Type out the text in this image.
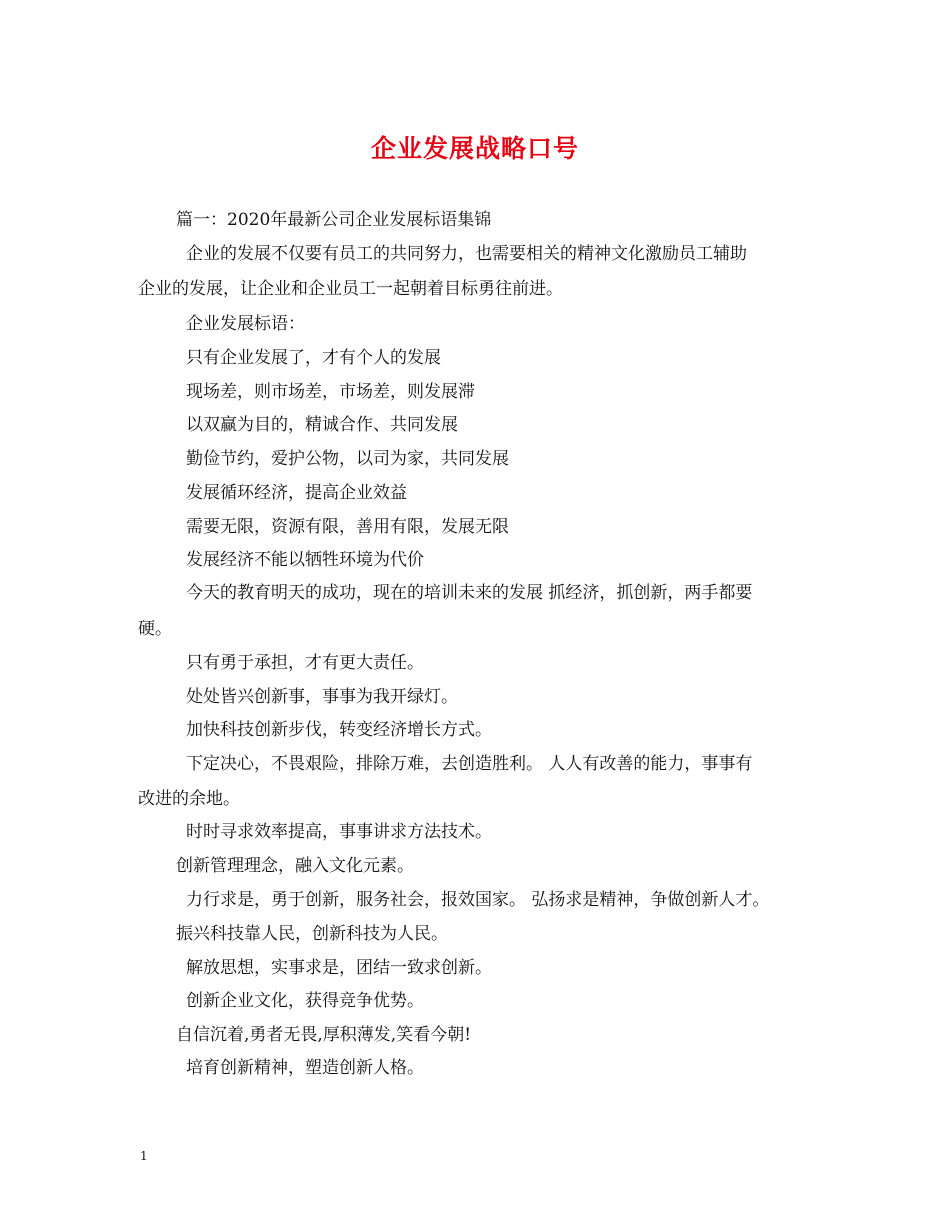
企业发展战略口号
篇一：2020年最新公司企业发展标语集锦
企业的发展不仅要有员工的共同努力，也需要相关的精神文化激励员工辅助
企业的发展，让企业和企业员工一起朝着目标勇往前进。
企业发展标语：
只有企业发展了，才有个人的发展
现场差，则市场差，市场差，则发展滞
以双赢为目的，精诚合作、共同发展
勤俭节约，爱护公物，以司为家，共同发展
发展循环经济，提高企业效益
需要无限，资源有限，善用有限，发展无限
发展经济不能以牺牲环境为代价
今天的教育明天的成功，现在的培训未来的发展 抓经济，抓创新，两手都要
硬。
只有勇于承担，才有更大责任。
处处皆兴创新事，事事为我开绿灯。
加快科技创新步伐，转变经济增长方式。
下定决心，不畏艰险，排除万难，去创造胜利。 人人有改善的能力，事事有
改进的余地。
时时寻求效率提高，事事讲求方法技术。
创新管理理念，融入文化元素。
力行求是，勇于创新，服务社会，报效国家。 弘扬求是精神，争做创新人才。
振兴科技靠人民，创新科技为人民。
解放思想，实事求是，团结一致求创新。
创新企业文化，获得竞争优势。
自信沉着,勇者无畏,厚积薄发,笑看今朝!
培育创新精神，塑造创新人格。
1
